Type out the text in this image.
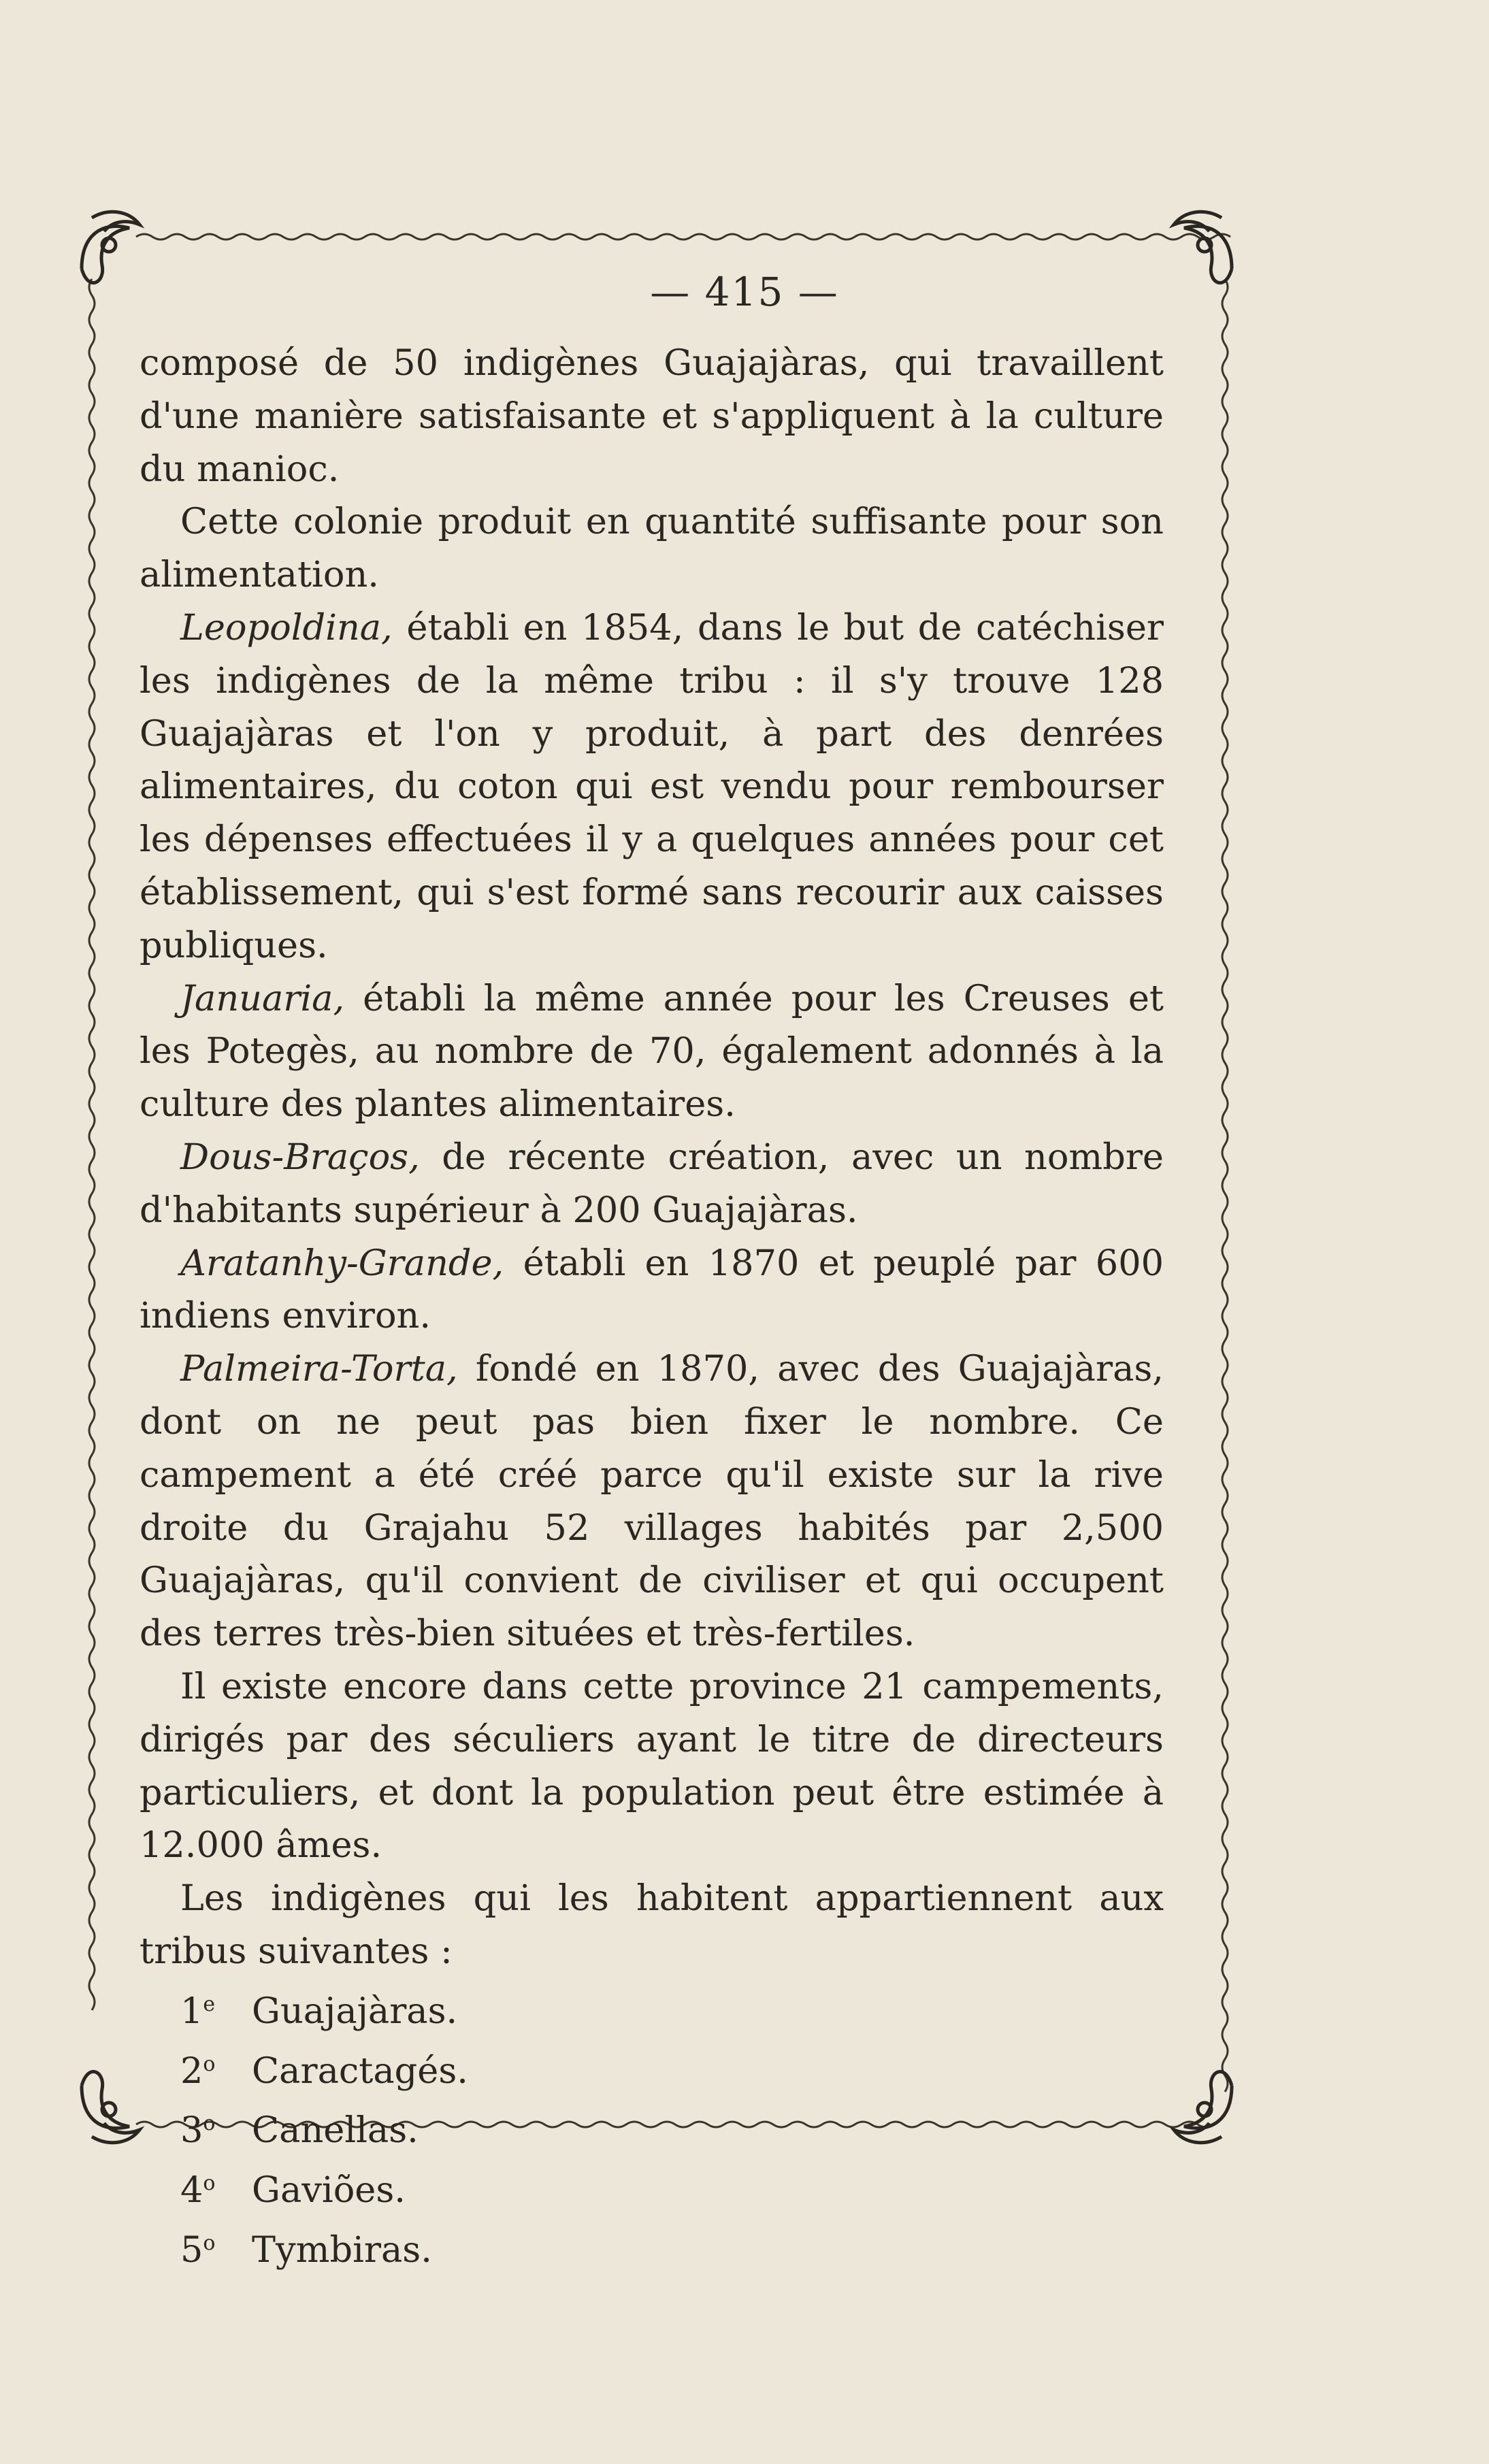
— 415 —

composé de 50 indigènes Guajajàras, qui travaillent d'une manière satisfaisante et s'appliquent à la culture du manioc.

Cette colonie produit en quantité suffisante pour son alimentation.

Leopoldina, établi en 1854, dans le but de catéchiser les indigènes de la même tribu : il s'y trouve 128 Guajajàras et l'on y produit, à part des denrées alimentaires, du coton qui est vendu pour rembourser les dépenses effectuées il y a quelques années pour cet établissement, qui s'est formé sans recourir aux caisses publiques.

Januaria, établi la même année pour les Creuses et les Potegès, au nombre de 70, également adonnés à la culture des plantes alimentaires.

Dous-Braços, de récente création, avec un nombre d'habitants supérieur à 200 Guajajàras.

Aratanhy-Grande, établi en 1870 et peuplé par 600 indiens environ.

Palmeira-Torta, fondé en 1870, avec des Guajajàras, dont on ne peut pas bien fixer le nombre. Ce campement a été créé parce qu'il existe sur la rive droite du Grajahu 52 villages habités par 2,500 Guajajàras, qu'il convient de civiliser et qui occupent des terres très-bien situées et très-fertiles.

Il existe encore dans cette province 21 campements, dirigés par des séculiers ayant le titre de directeurs particuliers, et dont la population peut être estimée à 12.000 âmes.

Les indigènes qui les habitent appartiennent aux tribus suivantes :

1e Guajajàras.
2$^o$ Caractagés.
3$^o$ Canellas.
4$^o$ Gaviões.
5$^o$ Tymbiras.
